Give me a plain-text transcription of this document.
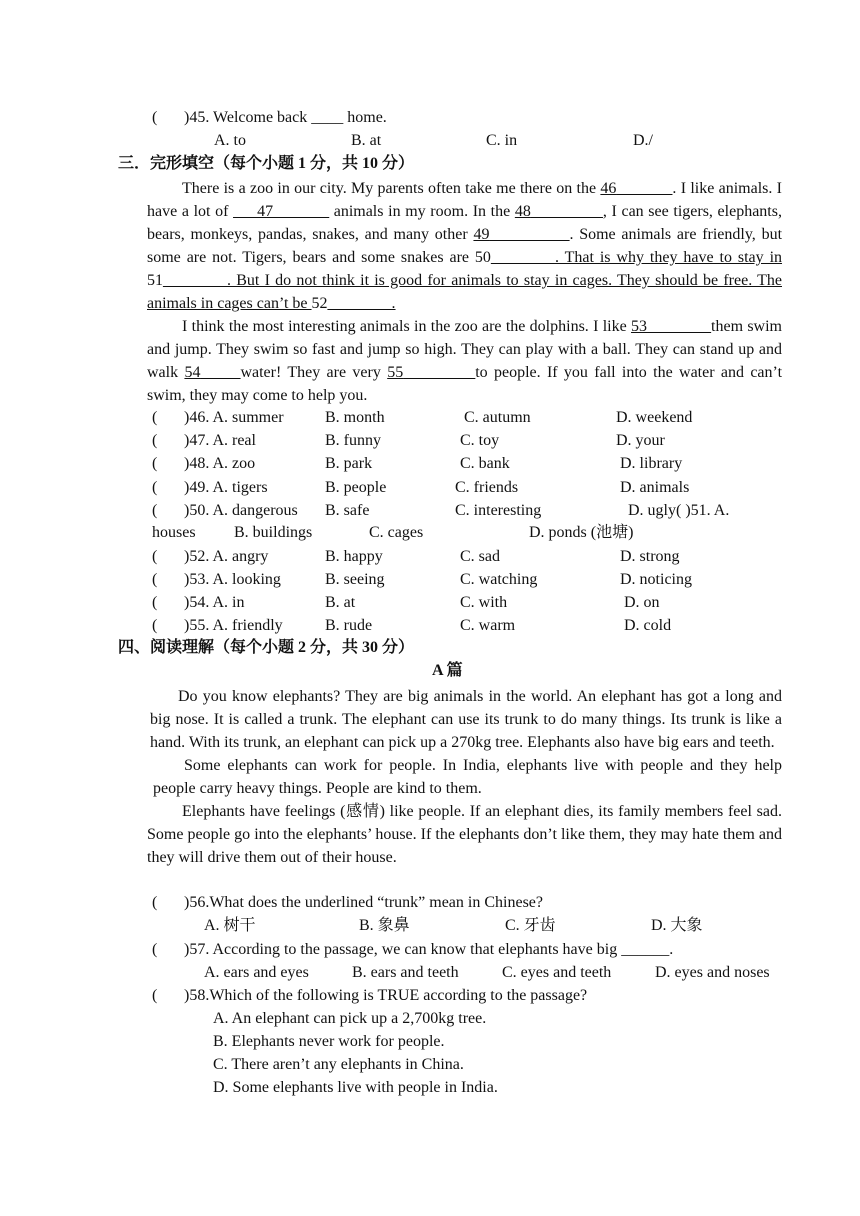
( )45. Welcome back ____ home.
A. to	B. at	C. in	D./
三．完形填空（每个小题 1 分，共 10 分）

There is a zoo in our city. My parents often take me there on the 46_______. I like animals. I have a lot of ___47_______ animals in my room. In the 48_________, I can see tigers, elephants, bears, monkeys, pandas, snakes, and many other 49__________. Some animals are friendly, but some are not. Tigers, bears and some snakes are 50________. That is why they have to stay in 51________. But I do not think it is good for animals to stay in cages. They should be free. The animals in cages can’t be 52________.

I think the most interesting animals in the zoo are the dolphins. I like 53________them swim and jump. They swim so fast and jump so high. They can play with a ball. They can stand up and walk 54_____water! They are very 55_________to people. If you fall into the water and can’t swim, they may come to help you.

( )46. A. summer	B. month	C. autumn	D. weekend
( )47. A. real	B. funny	C. toy	D. your
( )48. A. zoo	B. park	C. bank	D. library
( )49. A. tigers	B. people	C. friends	D. animals
( )50. A. dangerous B. safe	C. interesting	D. ugly( )51. A.
houses B. buildings	C. cages	D. ponds (池塘)
( )52. A. angry	B. happy	C. sad	D. strong
( )53. A. looking	B. seeing	C. watching	D. noticing
( )54. A. in	B. at	C. with	D. on
( )55. A. friendly	B. rude	C. warm	D. cold
四、阅读理解（每个小题 2 分，共 30 分）
A 篇

Do you know elephants? They are big animals in the world. An elephant has got a long and big nose. It is called a trunk. The elephant can use its trunk to do many things. Its trunk is like a hand. With its trunk, an elephant can pick up a 270kg tree. Elephants also have big ears and teeth.

Some elephants can work for people. In India, elephants live with people and they help people carry heavy things. People are kind to them.

Elephants have feelings (感情) like people. If an elephant dies, its family members feel sad. Some people go into the elephants’ house. If the elephants don’t like them, they may hate them and they will drive them out of their house.

( )56.What does the underlined “trunk” mean in Chinese?
A. 树干	B. 象鼻	C. 牙齿	D. 大象
( )57. According to the passage, we can know that elephants have big ______.
A. ears and eyes	B. ears and teeth	C. eyes and teeth	D. eyes and noses
( )58.Which of the following is TRUE according to the passage?
A. An elephant can pick up a 2,700kg tree.
B. Elephants never work for people.
C. There aren’t any elephants in China.
D. Some elephants live with people in India.
